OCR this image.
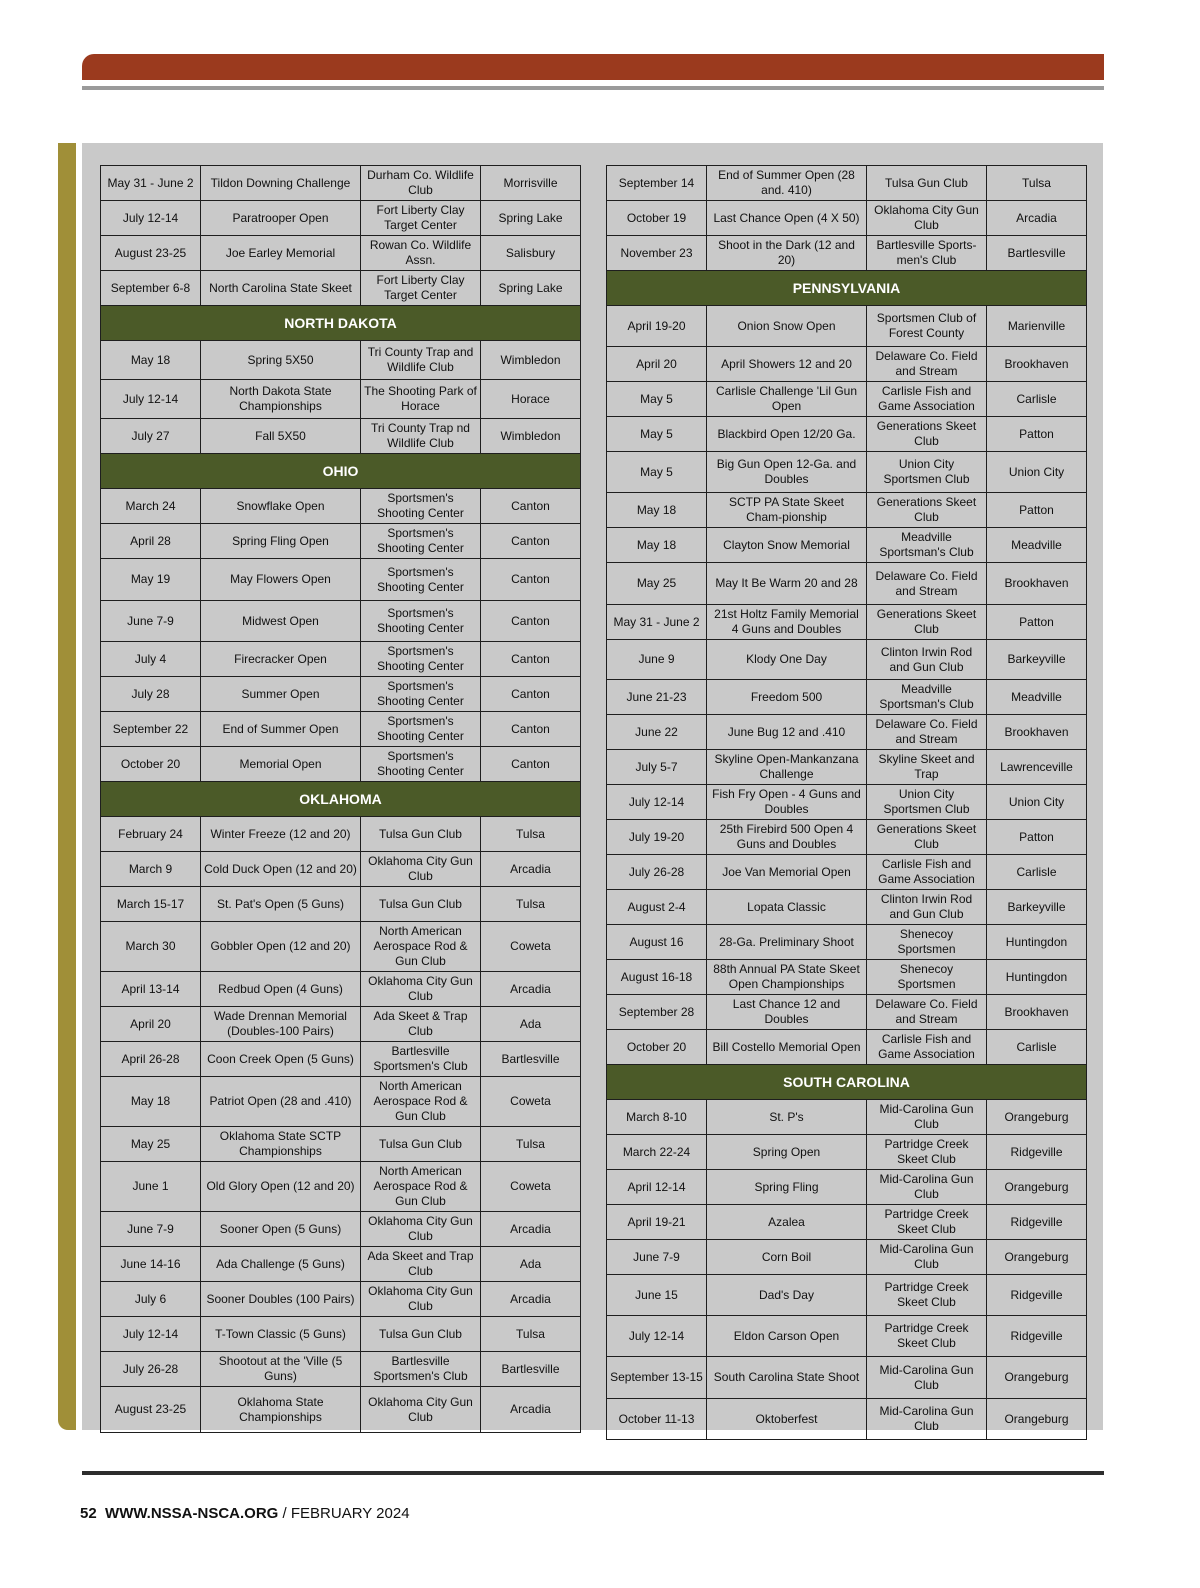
May 31 - June 2	Tildon Downing Challenge	Durham Co. Wildlife Club	Morrisville
July 12-14	Paratrooper Open	Fort Liberty Clay Target Center	Spring Lake
August 23-25	Joe Earley Memorial	Rowan Co. Wildlife Assn.	Salisbury
September 6-8	North Carolina State Skeet	Fort Liberty Clay Target Center	Spring Lake
NORTH DAKOTA			
May 18	Spring 5X50	Tri County Trap and Wildlife Club	Wimbledon
July 12-14	North Dakota State Championships	The Shooting Park of Horace	Horace
July 27	Fall 5X50	Tri County Trap nd Wildlife Club	Wimbledon
OHIO			
March 24	Snowflake Open	Sportsmen's Shooting Center	Canton
April 28	Spring Fling Open	Sportsmen's Shooting Center	Canton
May 19	May Flowers Open	Sportsmen's Shooting Center	Canton
June 7-9	Midwest Open	Sportsmen's Shooting Center	Canton
July 4	Firecracker Open	Sportsmen's Shooting Center	Canton
July 28	Summer Open	Sportsmen's Shooting Center	Canton
September 22	End of Summer Open	Sportsmen's Shooting Center	Canton
October 20	Memorial Open	Sportsmen's Shooting Center	Canton
OKLAHOMA			
February 24	Winter Freeze (12 and 20)	Tulsa Gun Club	Tulsa
March 9	Cold Duck Open (12 and 20)	Oklahoma City Gun Club	Arcadia
March 15-17	St. Pat's Open (5 Guns)	Tulsa Gun Club	Tulsa
March 30	Gobbler Open (12 and 20)	North American Aerospace Rod & Gun Club	Coweta
April 13-14	Redbud Open (4 Guns)	Oklahoma City Gun Club	Arcadia
April 20	Wade Drennan Memorial (Doubles-100 Pairs)	Ada Skeet & Trap Club	Ada
April 26-28	Coon Creek Open (5 Guns)	Bartlesville Sportsmen's Club	Bartlesville
May 18	Patriot Open (28 and .410)	North American Aerospace Rod & Gun Club	Coweta
May 25	Oklahoma State SCTP Championships	Tulsa Gun Club	Tulsa
June 1	Old Glory Open (12 and 20)	North American Aerospace Rod & Gun Club	Coweta
June 7-9	Sooner Open (5 Guns)	Oklahoma City Gun Club	Arcadia
June 14-16	Ada Challenge (5 Guns)	Ada Skeet and Trap Club	Ada
July 6	Sooner Doubles (100 Pairs)	Oklahoma City Gun Club	Arcadia
July 12-14	T-Town Classic (5 Guns)	Tulsa Gun Club	Tulsa
July 26-28	Shootout at the 'Ville (5 Guns)	Bartlesville Sportsmen's Club	Bartlesville
August 23-25	Oklahoma State Championships	Oklahoma City Gun Club	Arcadia
September 14	End of Summer Open (28 and. 410)	Tulsa Gun Club	Tulsa
October 19	Last Chance Open (4 X 50)	Oklahoma City Gun Club	Arcadia
November 23	Shoot in the Dark (12 and 20)	Bartlesville Sports-men's Club	Bartlesville
PENNSYLVANIA			
April 19-20	Onion Snow Open	Sportsmen Club of Forest County	Marienville
April 20	April Showers 12 and 20	Delaware Co. Field and Stream	Brookhaven
May 5	Carlisle Challenge 'Lil Gun Open	Carlisle Fish and Game Association	Carlisle
May 5	Blackbird Open 12/20 Ga.	Generations Skeet Club	Patton
May 5	Big Gun Open 12-Ga. and Doubles	Union City Sportsmen Club	Union City
May 18	SCTP PA State Skeet Cham-pionship	Generations Skeet Club	Patton
May 18	Clayton Snow Memorial	Meadville Sportsman's Club	Meadville
May 25	May It Be Warm 20 and 28	Delaware Co. Field and Stream	Brookhaven
May 31 - June 2	21st Holtz Family Memorial 4 Guns and Doubles	Generations Skeet Club	Patton
June 9	Klody One Day	Clinton Irwin Rod and Gun Club	Barkeyville
June 21-23	Freedom 500	Meadville Sportsman's Club	Meadville
June 22	June Bug 12 and .410	Delaware Co. Field and Stream	Brookhaven
July 5-7	Skyline Open-Mankanzana Challenge	Skyline Skeet and Trap	Lawrenceville
July 12-14	Fish Fry Open - 4 Guns and Doubles	Union City Sportsmen Club	Union City
July 19-20	25th Firebird 500 Open 4 Guns and Doubles	Generations Skeet Club	Patton
July 26-28	Joe Van Memorial Open	Carlisle Fish and Game Association	Carlisle
August 2-4	Lopata Classic	Clinton Irwin Rod and Gun Club	Barkeyville
August 16	28-Ga. Preliminary Shoot	Shenecoy Sportsmen	Huntingdon
August 16-18	88th Annual PA State Skeet Open Championships	Shenecoy Sportsmen	Huntingdon
September 28	Last Chance 12 and Doubles	Delaware Co. Field and Stream	Brookhaven
October 20	Bill Costello Memorial Open	Carlisle Fish and Game Association	Carlisle
SOUTH CAROLINA			
March 8-10	St. P's	Mid-Carolina Gun Club	Orangeburg
March 22-24	Spring Open	Partridge Creek Skeet Club	Ridgeville
April 12-14	Spring Fling	Mid-Carolina Gun Club	Orangeburg
April 19-21	Azalea	Partridge Creek Skeet Club	Ridgeville
June 7-9	Corn Boil	Mid-Carolina Gun Club	Orangeburg
June 15	Dad's Day	Partridge Creek Skeet Club	Ridgeville
July 12-14	Eldon Carson Open	Partridge Creek Skeet Club	Ridgeville
September 13-15	South Carolina State Shoot	Mid-Carolina Gun Club	Orangeburg
October 11-13	Oktoberfest	Mid-Carolina Gun Club	Orangeburg
52 WWW.NSSA-NSCA.ORG / FEBRUARY 2024
